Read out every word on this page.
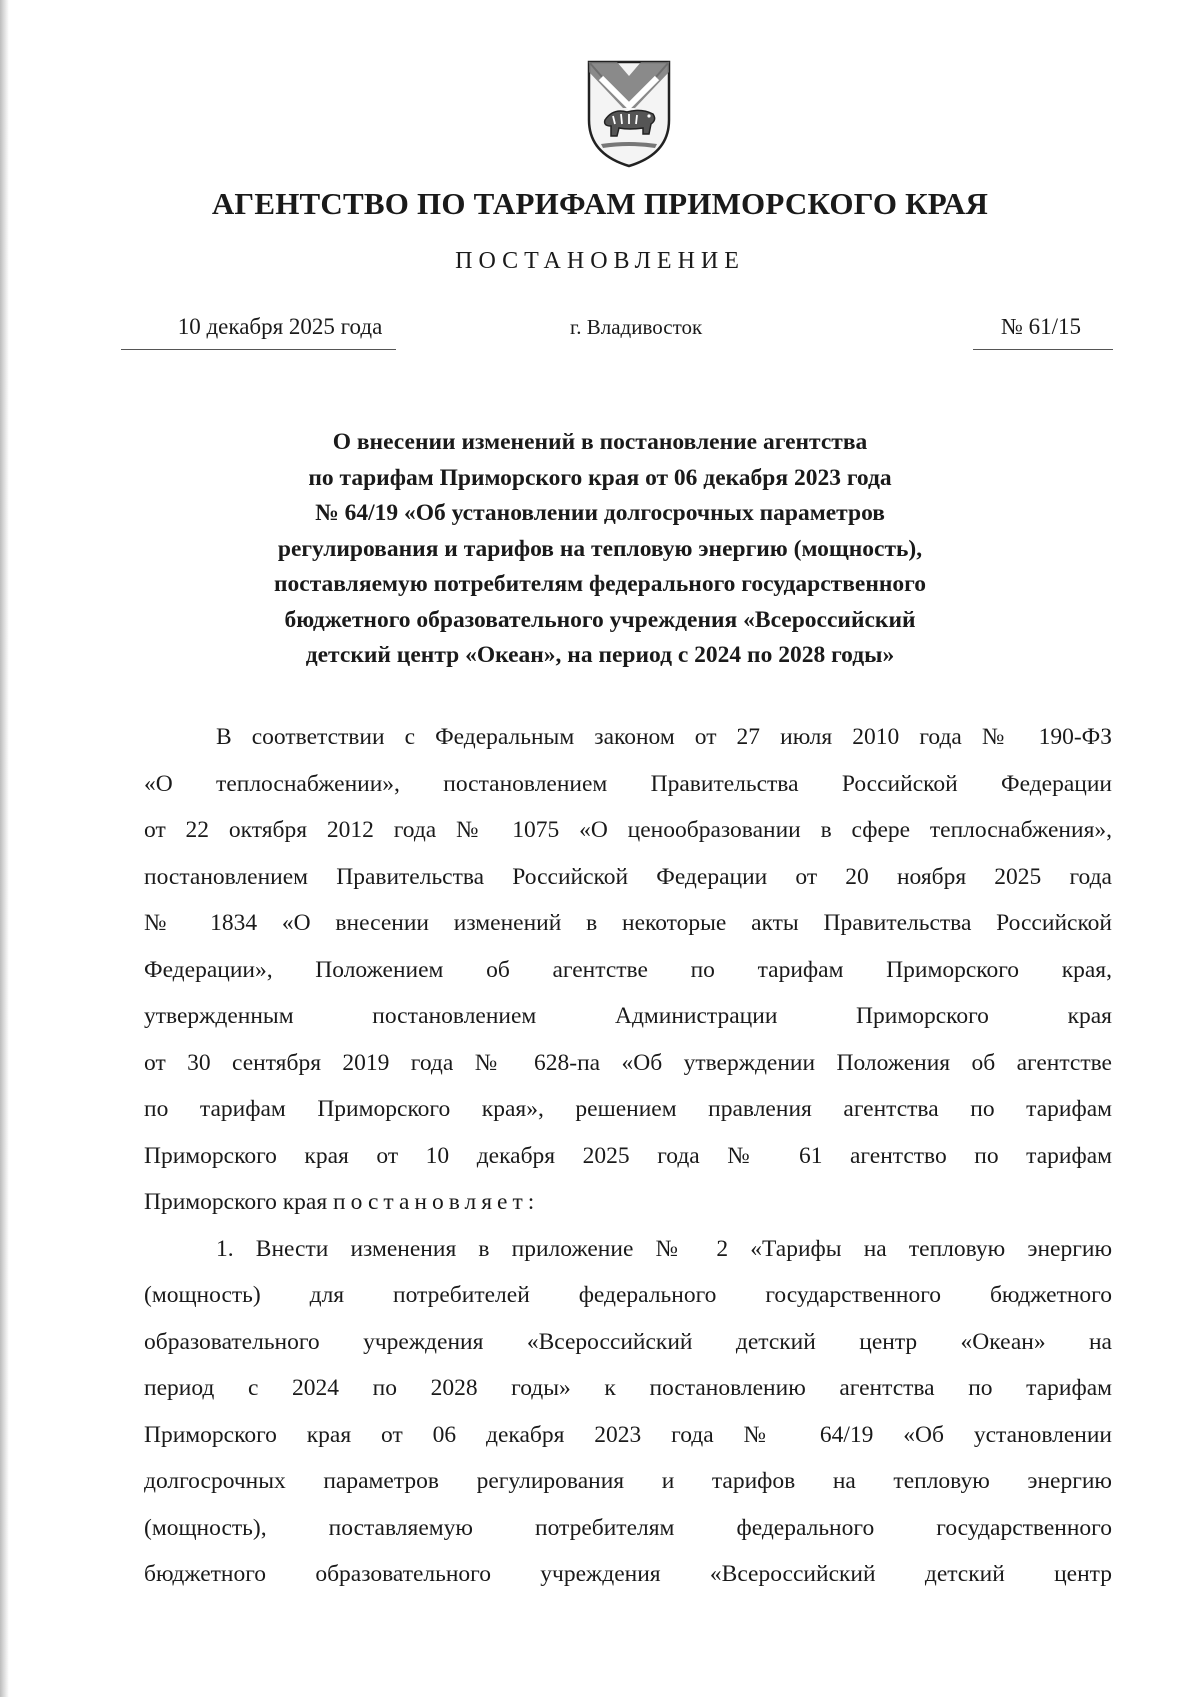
АГЕНТСТВО ПО ТАРИФАМ ПРИМОРСКОГО КРАЯ
ПОСТАНОВЛЕНИЕ
10 декабря 2025 года	г. Владивосток	№ 61/15
О внесении изменений в постановление агентства
по тарифам Приморского края от 06 декабря 2023 года
№ 64/19 «Об установлении долгосрочных параметров
регулирования и тарифов на тепловую энергию (мощность),
поставляемую потребителям федерального государственного
бюджетного образовательного учреждения «Всероссийский
детский центр «Океан», на период с 2024 по 2028 годы»
В соответствии с Федеральным законом от 27 июля 2010 года № 190-ФЗ
«О теплоснабжении», постановлением Правительства Российской Федерации
от 22 октября 2012 года № 1075 «О ценообразовании в сфере теплоснабжения»,
постановлением Правительства Российской Федерации от 20 ноября 2025 года
№ 1834 «О внесении изменений в некоторые акты Правительства Российской
Федерации», Положением об агентстве по тарифам Приморского края,
утвержденным постановлением Администрации Приморского края
от 30 сентября 2019 года № 628-па «Об утверждении Положения об агентстве
по тарифам Приморского края», решением правления агентства по тарифам
Приморского края от 10 декабря 2025 года № 61 агентство по тарифам
Приморского края постановляет:
1. Внести изменения в приложение № 2 «Тарифы на тепловую энергию
(мощность) для потребителей федерального государственного бюджетного
образовательного учреждения «Всероссийский детский центр «Океан» на
период с 2024 по 2028 годы» к постановлению агентства по тарифам
Приморского края от 06 декабря 2023 года № 64/19 «Об установлении
долгосрочных параметров регулирования и тарифов на тепловую энергию
(мощность), поставляемую потребителям федерального государственного
бюджетного образовательного учреждения «Всероссийский детский центр
